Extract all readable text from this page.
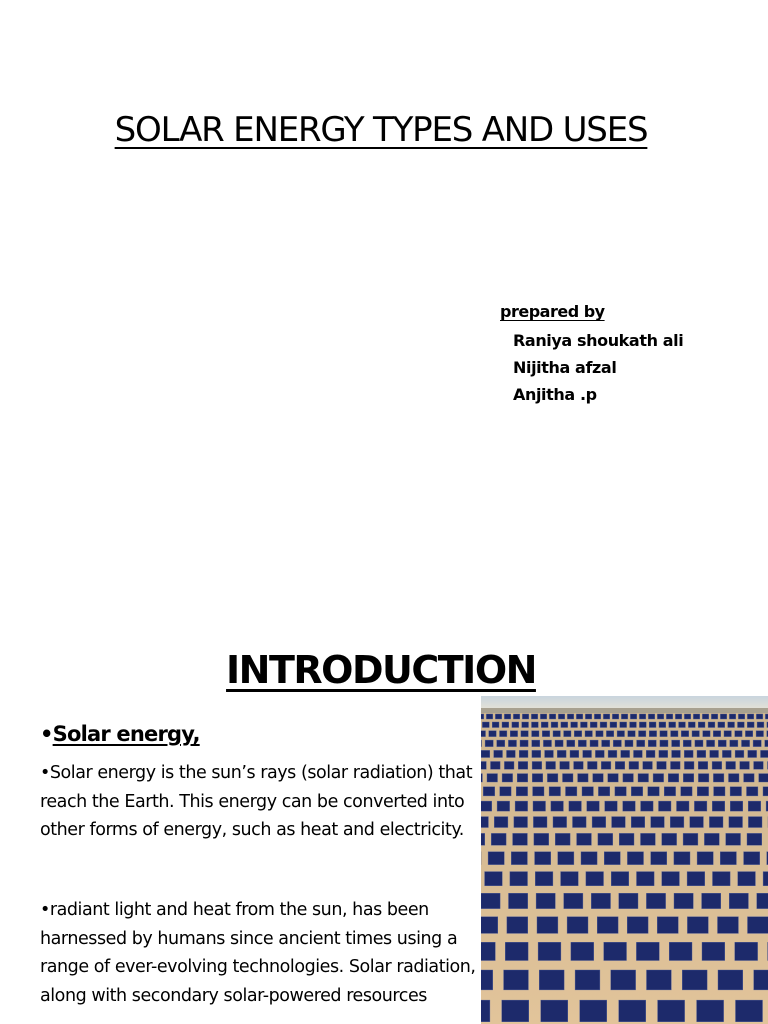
SOLAR ENERGY TYPES AND USES
prepared by
Raniya shoukath ali
Nijitha afzal
Anjitha .p
INTRODUCTION
•Solar energy,

•Solar energy is the sun’s rays (solar radiation) that reach the Earth. This energy can be converted into other forms of energy, such as heat and electricity.

•radiant light and heat from the sun, has been harnessed by humans since ancient times using a range of ever-evolving technologies. Solar radiation, along with secondary solar-powered resources
